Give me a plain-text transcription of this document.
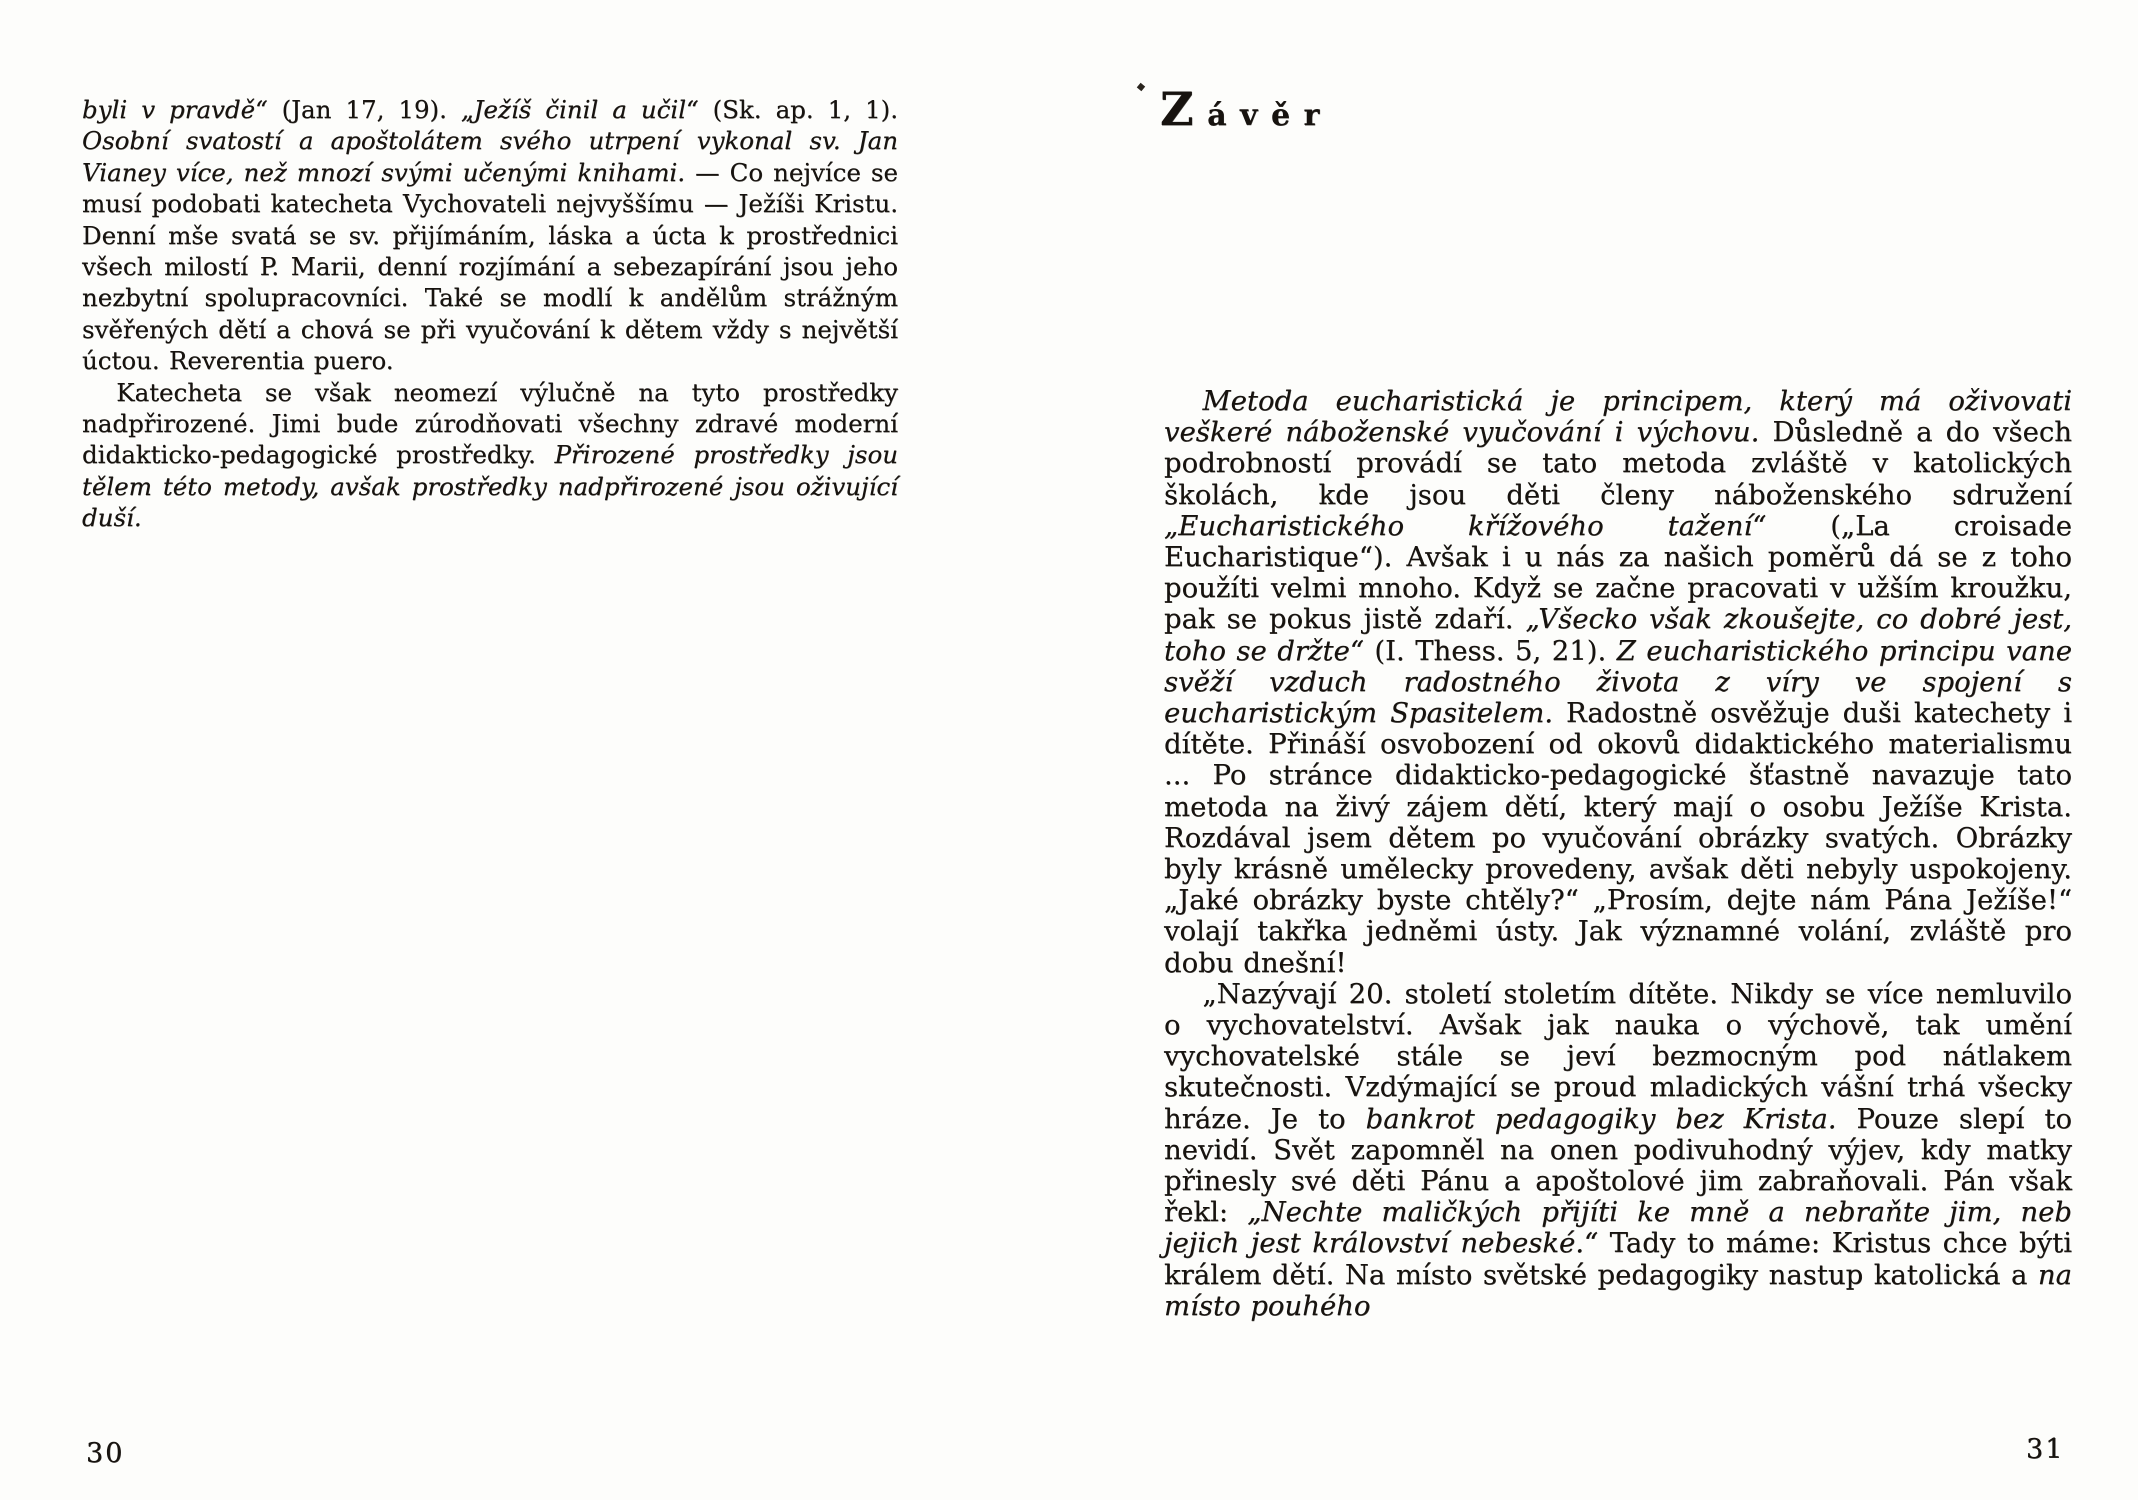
byli v pravdě“ (Jan 17, 19). „Ježíš činil a učil“ (Sk. ap. 1, 1). Osobní svatostí a apoštolátem svého utrpení vykonal sv. Jan Vianey více, než mnozí svými učenými knihami. — Co nejvíce se musí podobati katecheta Vychovateli nejvyššímu — Ježíši Kristu. Denní mše svatá se sv. přijímáním, láska a úcta k prostřednici všech milostí P. Marii, denní rozjímání a sebezapírání jsou jeho nezbytní spolupracovníci. Také se modlí k andělům strážným svěřených dětí a chová se při vyučování k dětem vždy s největší úctou. Reverentia puero.

Katecheta se však neomezí výlučně na tyto prostředky nadpřirozené. Jimi bude zúrodňovati všechny zdravé moderní didakticko-pedagogické prostředky. Přirozené prostředky jsou tělem této metody, avšak prostředky nadpřirozené jsou oživující duší.

30
Závěr

Metoda eucharistická je principem, který má oživovati veškeré náboženské vyučování i výchovu. Důsledně a do všech podrobností provádí se tato metoda zvláště v katolických školách, kde jsou děti členy náboženského sdružení „Eucharistického křížového tažení“ („La croisade Eucharistique“). Avšak i u nás za našich poměrů dá se z toho použíti velmi mnoho. Když se začne pracovati v užším kroužku, pak se pokus jistě zdaří. „Všecko však zkoušejte, co dobré jest, toho se držte“ (I. Thess. 5, 21). Z eucharistického principu vane svěží vzduch radostného života z víry ve spojení s eucharistickým Spasitelem. Radostně osvěžuje duši katechety i dítěte. Přináší osvobození od okovů didaktického materialismu ... Po stránce didakticko-pedagogické šťastně navazuje tato metoda na živý zájem dětí, který mají o osobu Ježíše Krista. Rozdával jsem dětem po vyučování obrázky svatých. Obrázky byly krásně umělecky provedeny, avšak děti nebyly uspokojeny. „Jaké obrázky byste chtěly?“ „Prosím, dejte nám Pána Ježíše!“ volají takřka jedněmi ústy. Jak významné volání, zvláště pro dobu dnešní!

„Nazývají 20. století stoletím dítěte. Nikdy se více nemluvilo o vychovatelství. Avšak jak nauka o výchově, tak umění vychovatelské stále se jeví bezmocným pod nátlakem skutečnosti. Vzdýmající se proud mladických vášní trhá všecky hráze. Je to bankrot pedagogiky bez Krista. Pouze slepí to nevidí. Svět zapomněl na onen podivuhodný výjev, kdy matky přinesly své děti Pánu a apoštolové jim zabraňovali. Pán však řekl: „Nechte maličkých přijíti ke mně a nebraňte jim, neb jejich jest království nebeské.“ Tady to máme: Kristus chce býti králem dětí. Na místo světské pedagogiky nastup katolická a na místo pouhého

31
